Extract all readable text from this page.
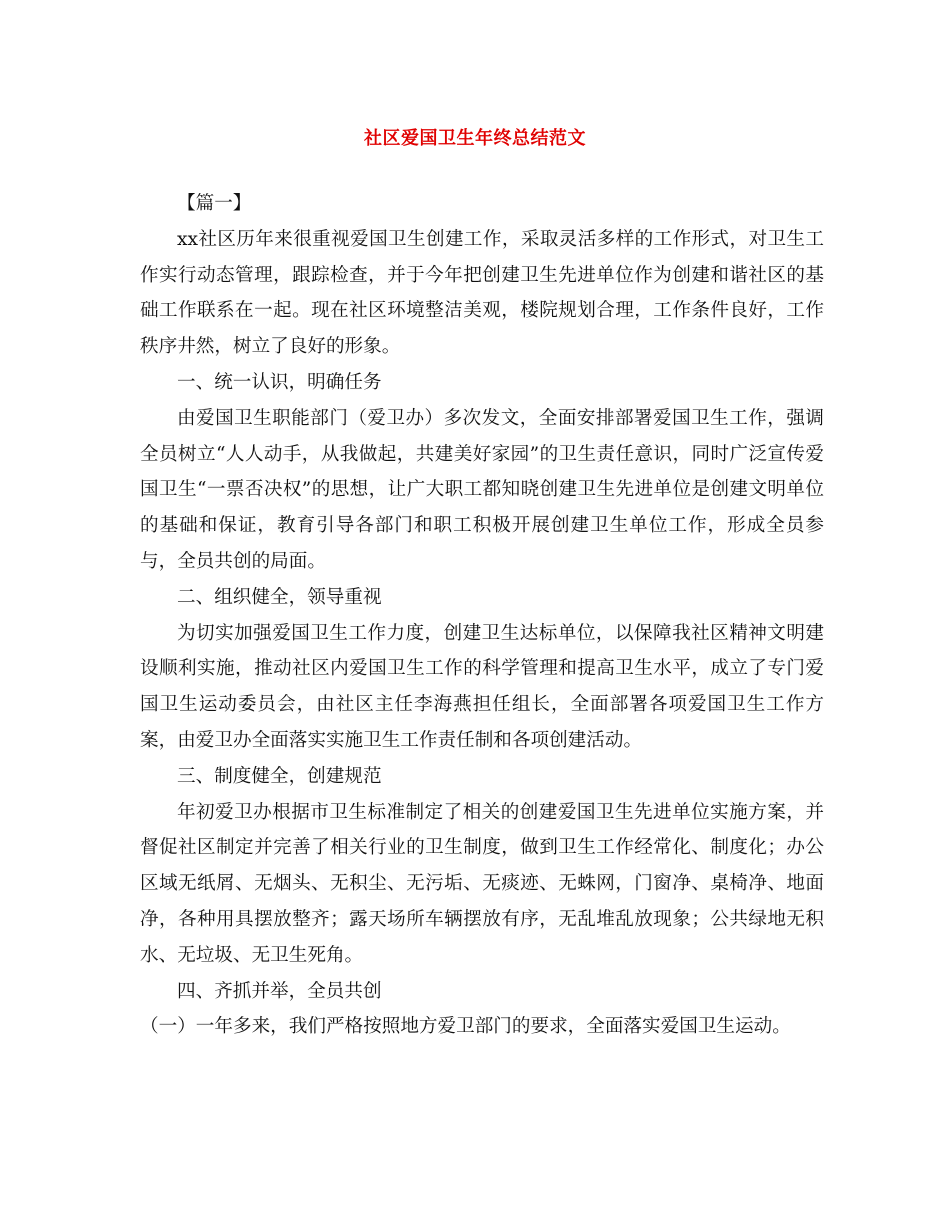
社区爱国卫生年终总结范文

【篇一】

xx社区历年来很重视爱国卫生创建工作，采取灵活多样的工作形式，对卫生工作实行动态管理，跟踪检查，并于今年把创建卫生先进单位作为创建和谐社区的基础工作联系在一起。现在社区环境整洁美观，楼院规划合理，工作条件良好，工作秩序井然，树立了良好的形象。

一、统一认识，明确任务

由爱国卫生职能部门（爱卫办）多次发文，全面安排部署爱国卫生工作，强调全员树立“人人动手，从我做起，共建美好家园”的卫生责任意识，同时广泛宣传爱国卫生“一票否决权”的思想，让广大职工都知晓创建卫生先进单位是创建文明单位的基础和保证，教育引导各部门和职工积极开展创建卫生单位工作，形成全员参与，全员共创的局面。

二、组织健全，领导重视

为切实加强爱国卫生工作力度，创建卫生达标单位，以保障我社区精神文明建设顺利实施，推动社区内爱国卫生工作的科学管理和提高卫生水平，成立了专门爱国卫生运动委员会，由社区主任李海燕担任组长，全面部署各项爱国卫生工作方案，由爱卫办全面落实实施卫生工作责任制和各项创建活动。

三、制度健全，创建规范

年初爱卫办根据市卫生标准制定了相关的创建爱国卫生先进单位实施方案，并督促社区制定并完善了相关行业的卫生制度，做到卫生工作经常化、制度化；办公区域无纸屑、无烟头、无积尘、无污垢、无痰迹、无蛛网，门窗净、桌椅净、地面净，各种用具摆放整齐；露天场所车辆摆放有序，无乱堆乱放现象；公共绿地无积水、无垃圾、无卫生死角。

四、齐抓并举，全员共创

（一）一年多来，我们严格按照地方爱卫部门的要求，全面落实爱国卫生运动。
